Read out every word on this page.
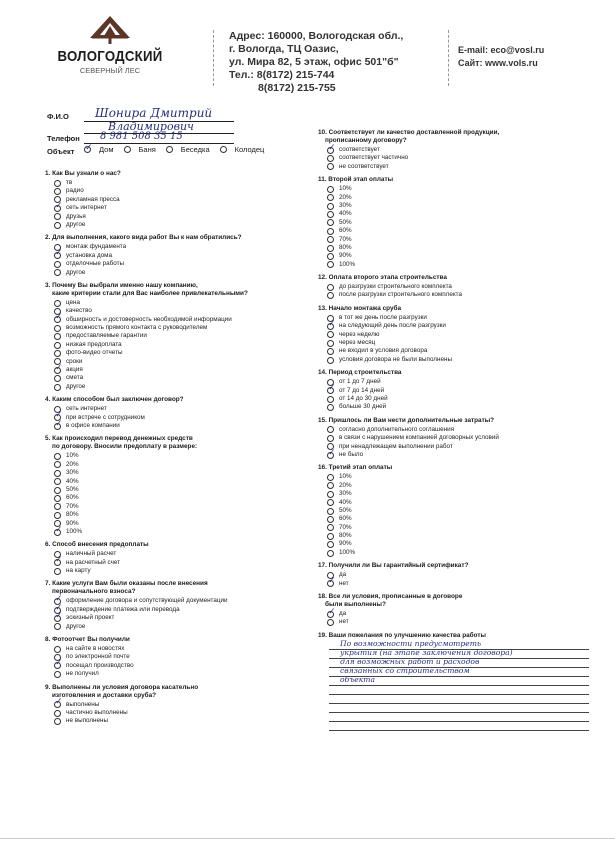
ВОЛОГОДСКИЙ
СЕВЕРНЫЙ ЛЕС
Адрес: 160000, Вологодская обл.,
г. Вологда, ТЦ Оазис,
ул. Мира 82, 5 этаж, офис 501"б"
Тел.: 8(8172) 215-744
8(8172) 215-755
E-mail: eco@vosl.ru
Сайт: www.vols.ru
Ф.И.О Шонирa Дмитрий
Владимирович
Телефон 8 981 508 35 15
Объект
✓	Дом	Баня	Беседка	Колодец
1. Как Вы узнали о нас?
тв
радио
рекламная пресса
✓
сеть интернет
друзья
другое
2. Для выполнения, какого вида работ Вы к нам обратились?
монтаж фундамента
✓
установка дома
отделочные работы
другое
3. Почему Вы выбрали именно нашу компанию,
какие критерии стали для Вас наиболее привлекательными?
цена
качество
✓
обширность и достоверность необходимой информации
возможность прямого контакта с руководителем
предоставляемые гарантии
низкая предоплата
фото-видео отчеты
сроки
✓
акция
смета
другое
4. Каким способом был заключен договор?
сеть интернет
✓
при встрече с сотрудником
✓
в офисе компании
5. Как происходил перевод денежных средств
по договору. Вносили предоплату в размере:
10%
20%
30%
40%
50%
60%
70%
80%
90%
✓
100%
6. Способ внесения предоплаты
наличный расчет
✓
на расчетный счет
на карту
7. Какие услуги Вам были оказаны после внесения
первоначального взноса?
✓
оформление договора и сопутствующей документации
✓
подтверждение платежа или перевода
✓
эскизный проект
другое
8. Фотоотчет Вы получили
на сайте в новостях
по электронной почте
✓
посещал производство
не получил
9. Выполнены ли условия договора касательно
изготовления и доставки сруба?
✓
выполнены
частично выполнены
не выполнены
10. Соответствует ли качество доставленной продукции,
прописанному договору?
✓
соответствует
соответствует частично
не соответствует
11. Второй этап оплаты
10%
20%
30%
40%
50%
60%
70%
80%
90%
100%
12. Оплата второго этапа строительства
до разгрузки строительного комплекта
после разгрузки строительного комплекта
13. Начало монтажа сруба
в тот же день после разгрузки
✓
на следующий день после разгрузки
через неделю
через месяц
не входил в условия договора
условия договора не были выполнены
14. Период строительства
от 1 до 7 дней
✓
от 7 до 14 дней
от 14 до 30 дней
больше 30 дней
15. Пришлось ли Вам нести дополнительные затраты?
согласно дополнительного соглашения
в связи с нарушением компанией договорных условий
при ненадлежащем выполнении работ
✓
не было
16. Третий этап оплаты
10%
20%
30%
40%
50%
60%
70%
80%
90%
100%
17. Получили ли Вы гарантийный сертификат?
да
✓
нет
18. Все ли условия, прописанные в договоре
были выполнены?
✓
да
нет
19. Ваши пожелания по улучшению качества работы
По возможности предусмотреть
укрытия (на этапе заключения договора)
для возможных работ и расходов
связанных со строительством
объекта
